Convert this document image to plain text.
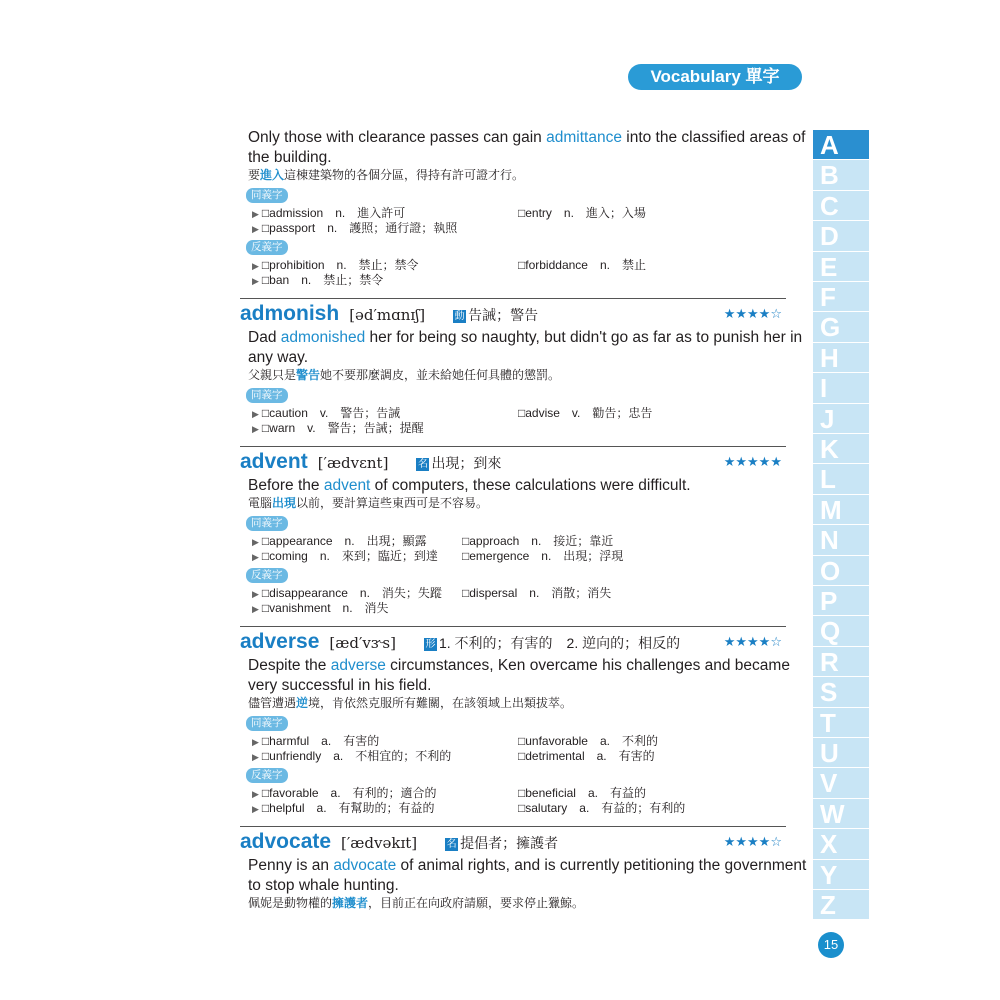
Vocabulary 單字
Only those with clearance passes can gain admittance into the classified areas of
the building.
要進入這棟建築物的各個分區，得持有許可證才行。
同義字
▶ □admission　n.　進入許可	□entry　n.　進入；入場
▶ □passport　n.　護照；通行證；執照
反義字
▶ □prohibition　n.　禁止；禁令	□forbiddance　n.　禁止
▶ □ban　n.　禁止；禁令
admonish [əd′mɑnɪʃ]	動 告誡；警告	★★★★☆
Dad admonished her for being so naughty, but didn't go as far as to punish her in
any way.
父親只是警告她不要那麼調皮，並未給她任何具體的懲罰。
同義字
▶ □caution　v.　警告；告誡	□advise　v.　勸告；忠告
▶ □warn　v.　警告；告誡；提醒
advent [′ædvɛnt]	名 出現；到來	★★★★★
Before the advent of computers, these calculations were difficult.
電腦出現以前，要計算這些東西可是不容易。
同義字
▶ □appearance　n.　出現；顯露	□approach　n.　接近；靠近
▶ □coming　n.　來到；臨近；到達 □emergence　n.　出現；浮現
反義字
▶ □disappearance　n.　消失；失蹤 □dispersal　n.　消散；消失
▶ □vanishment　n.　消失
adverse [æd′vɝs]	形 1. 不利的；有害的　2. 逆向的；相反的	★★★★☆
Despite the adverse circumstances, Ken overcame his challenges and became
very successful in his field.
儘管遭遇逆境，肯依然克服所有難關，在該領域上出類拔萃。
同義字
▶ □harmful　a.　有害的	□unfavorable　a.　不利的
▶ □unfriendly　a.　不相宜的；不利的	□detrimental　a.　有害的
反義字
▶ □favorable　a.　有利的；適合的	□beneficial　a.　有益的
▶ □helpful　a.　有幫助的；有益的	□salutary　a.　有益的；有利的
advocate [′ædvəkɪt]	名 提倡者；擁護者	★★★★☆
Penny is an advocate of animal rights, and is currently petitioning the government
to stop whale hunting.
佩妮是動物權的擁護者，目前正在向政府請願，要求停止獵鯨。
A
B
C
D
E
F
G
H
I
J
K
L
M
N
O
P
Q
R
S
T
U
V
W
X
Y
Z
15
